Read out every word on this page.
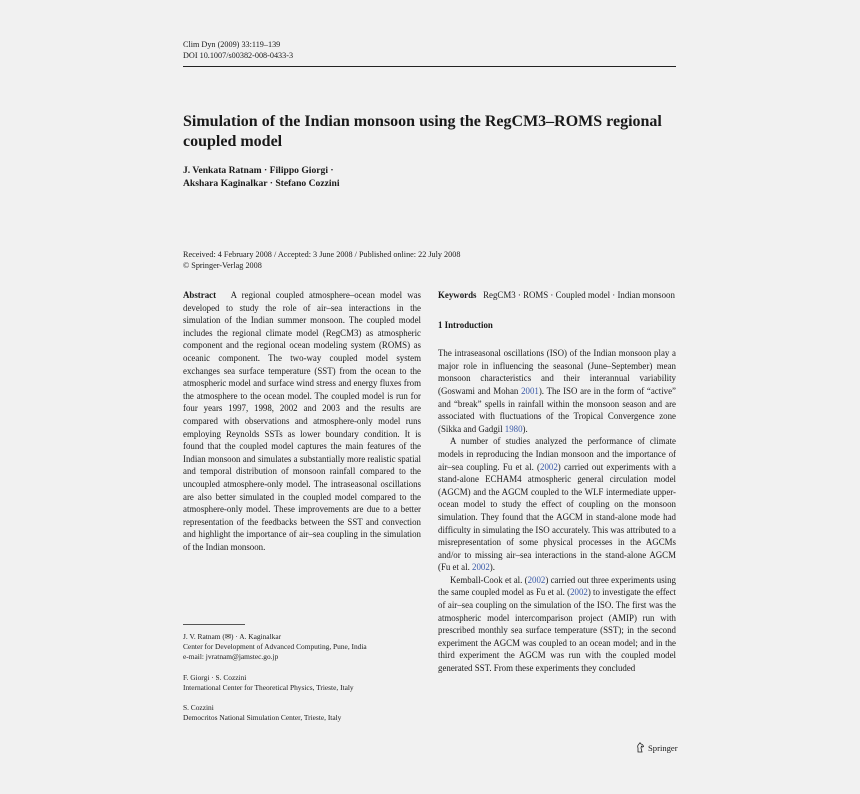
Clim Dyn (2009) 33:119–139
DOI 10.1007/s00382-008-0433-3
Simulation of the Indian monsoon using the RegCM3–ROMS regional coupled model
J. Venkata Ratnam · Filippo Giorgi ·
Akshara Kaginalkar · Stefano Cozzini
Received: 4 February 2008 / Accepted: 3 June 2008 / Published online: 22 July 2008
© Springer-Verlag 2008

Abstract A regional coupled atmosphere–ocean model was developed to study the role of air–sea interactions in the simulation of the Indian summer monsoon. The coupled model includes the regional climate model (RegCM3) as atmospheric component and the regional ocean modeling system (ROMS) as oceanic component. The two-way coupled model system exchanges sea surface temperature (SST) from the ocean to the atmospheric model and surface wind stress and energy fluxes from the atmosphere to the ocean model. The coupled model is run for four years 1997, 1998, 2002 and 2003 and the results are compared with observations and atmosphere-only model runs employing Reynolds SSTs as lower boundary condition. It is found that the coupled model captures the main features of the Indian monsoon and simulates a substantially more realistic spatial and temporal distribution of monsoon rainfall compared to the uncoupled atmosphere-only model. The intraseasonal oscillations are also better simulated in the coupled model compared to the atmosphere-only model. These improvements are due to a better representation of the feedbacks between the SST and convection and highlight the importance of air–sea coupling in the simulation of the Indian monsoon.

Keywords RegCM3 · ROMS · Coupled model · Indian monsoon

1 Introduction

The intraseasonal oscillations (ISO) of the Indian monsoon play a major role in influencing the seasonal (June–September) mean monsoon characteristics and their interannual variability (Goswami and Mohan 2001). The ISO are in the form of “active” and “break” spells in rainfall within the monsoon season and are associated with fluctuations of the Tropical Convergence zone (Sikka and Gadgil 1980).

A number of studies analyzed the performance of climate models in reproducing the Indian monsoon and the importance of air–sea coupling. Fu et al. (2002) carried out experiments with a stand-alone ECHAM4 atmospheric general circulation model (AGCM) and the AGCM coupled to the WLF intermediate upper-ocean model to study the effect of coupling on the monsoon simulation. They found that the AGCM in stand-alone mode had difficulty in simulating the ISO accurately. This was attributed to a misrepresentation of some physical processes in the AGCMs and/or to missing air–sea interactions in the stand-alone AGCM (Fu et al. 2002).

Kemball-Cook et al. (2002) carried out three experiments using the same coupled model as Fu et al. (2002) to investigate the effect of air–sea coupling on the simulation of the ISO. The first was the atmospheric model intercomparison project (AMIP) run with prescribed monthly sea surface temperature (SST); in the second experiment the AGCM was coupled to an ocean model; and in the third experiment the AGCM was run with the coupled model generated SST. From these experiments they concluded

J. V. Ratnam (✉) · A. Kaginalkar
Center for Development of Advanced Computing, Pune, India
e-mail: jvratnam@jamstec.go.jp

F. Giorgi · S. Cozzini
International Center for Theoretical Physics, Trieste, Italy

S. Cozzini
Democritos National Simulation Center, Trieste, Italy

Springer
